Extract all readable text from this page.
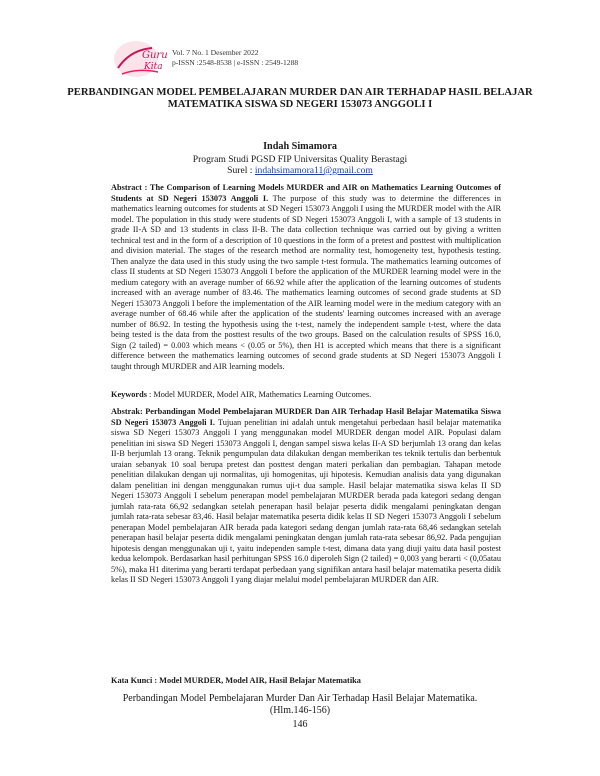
Guru
Kita
Vol. 7 No. 1 Desember 2022
p-ISSN :2548-8538 | e-ISSN : 2549-1288
PERBANDINGAN MODEL PEMBELAJARAN MURDER DAN AIR TERHADAP HASIL BELAJAR MATEMATIKA SISWA SD NEGERI 153073 ANGGOLI I
Indah Simamora
Program Studi PGSD FIP Universitas Quality Berastagi
Surel : indahsimamora11@gmail.com
Abstract : The Comparison of Learning Models MURDER and AIR on Mathematics Learning Outcomes of Students at SD Negeri 153073 Anggoli I. The purpose of this study was to determine the differences in mathematics learning outcomes for students at SD Negeri 153073 Anggoli I using the MURDER model with the AIR model. The population in this study were students of SD Negeri 153073 Anggoli I, with a sample of 13 students in grade II-A SD and 13 students in class II-B. The data collection technique was carried out by giving a written technical test and in the form of a description of 10 questions in the form of a pretest and posttest with multiplication and division material. The stages of the research method are normality test, homogeneity test, hypothesis testing. Then analyze the data used in this study using the two sample t-test formula. The mathematics learning outcomes of class II students at SD Negeri 153073 Anggoli I before the application of the MURDER learning model were in the medium category with an average number of 66.92 while after the application of the learning outcomes of students increased with an average number of 83.46. The mathematics learning outcomes of second grade students at SD Negeri 153073 Anggoli I before the implementation of the AIR learning model were in the medium category with an average number of 68.46 while after the application of the students' learning outcomes increased with an average number of 86.92. In testing the hypothesis using the t-test, namely the independent sample t-test, where the data being tested is the data from the posttest results of the two groups. Based on the calculation results of SPSS 16.0, Sign (2 tailed) = 0.003 which means < (0.05 or 5%), then H1 is accepted which means that there is a significant difference between the mathematics learning outcomes of second grade students at SD Negeri 153073 Anggoli I taught through MURDER and AIR learning models.
Keywords : Model MURDER, Model AIR, Mathematics Learning Outcomes.
Abstrak: Perbandingan Model Pembelajaran MURDER Dan AIR Terhadap Hasil Belajar Matematika Siswa SD Negeri 153073 Anggoli I. Tujuan penelitian ini adalah untuk mengetahui perbedaan hasil belajar matematika siswa SD Negeri 153073 Anggoli I yang menggunakan model MURDER dengan model AIR. Populasi dalam penelitian ini siswa SD Negeri 153073 Anggoli I, dengan sampel siswa kelas II-A SD berjumlah 13 orang dan kelas II-B berjumlah 13 orang. Teknik pengumpulan data dilakukan dengan memberikan tes teknik tertulis dan berbentuk uraian sebanyak 10 soal berupa pretest dan posttest dengan materi perkalian dan pembagian. Tahapan metode penelitian dilakukan dengan uji normalitas, uji homogenitas, uji hipotesis. Kemudian analisis data yang digunakan dalam penelitian ini dengan menggunakan rumus uji-t dua sample. Hasil belajar matematika siswa kelas II SD Negeri 153073 Anggoli I sebelum penerapan model pembelajaran MURDER berada pada kategori sedang dengan jumlah rata-rata 66,92 sedangkan setelah penerapan hasil belajar peserta didik mengalami peningkatan dengan jumlah rata-rata sebesar 83,46. Hasil belajar matematika peserta didik kelas II SD Negeri 153073 Anggoli I sebelum penerapan Model pembelajaran AIR berada pada kategori sedang dengan jumlah rata-rata 68,46 sedangkan setelah penerapan hasil belajar peserta didik mengalami peningkatan dengan jumlah rata-rata sebesar 86,92. Pada pengujian hipotesis dengan menggunakan uji t, yaitu independen sample t-test, dimana data yang diuji yaitu data hasil postest kedua kelompok. Berdasarkan hasil perhitungan SPSS 16.0 diperoleh Sign (2 tailed) = 0,003 yang berarti < (0,05atau 5%), maka H1 diterima yang berarti terdapat perbedaan yang signifikan antara hasil belajar matematika peserta didik kelas II SD Negeri 153073 Anggoli I yang diajar melalui model pembelajaran MURDER dan AIR.
Kata Kunci : Model MURDER, Model AIR, Hasil Belajar Matematika
Perbandingan Model Pembelajaran Murder Dan Air Terhadap Hasil Belajar Matematika.
(Hlm.146-156)
146
